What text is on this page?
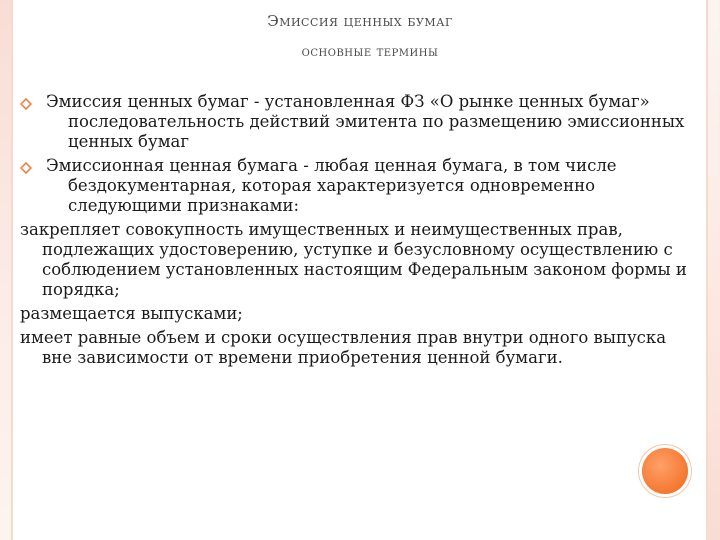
Эмиссия ценных бумаг
основные термины

Эмиссия ценных бумаг - установленная ФЗ «О рынке ценных бумаг» последовательность действий эмитента по размещению эмиссионных ценных бумаг

Эмиссионная ценная бумага - любая ценная бумага, в том числе бездокументарная, которая характеризуется одновременно следующими признаками:

закрепляет совокупность имущественных и неимущественных прав, подлежащих удостоверению, уступке и безусловному осуществлению с соблюдением установленных настоящим Федеральным законом формы и порядка;

размещается выпусками;

имеет равные объем и сроки осуществления прав внутри одного выпуска вне зависимости от времени приобретения ценной бумаги.
